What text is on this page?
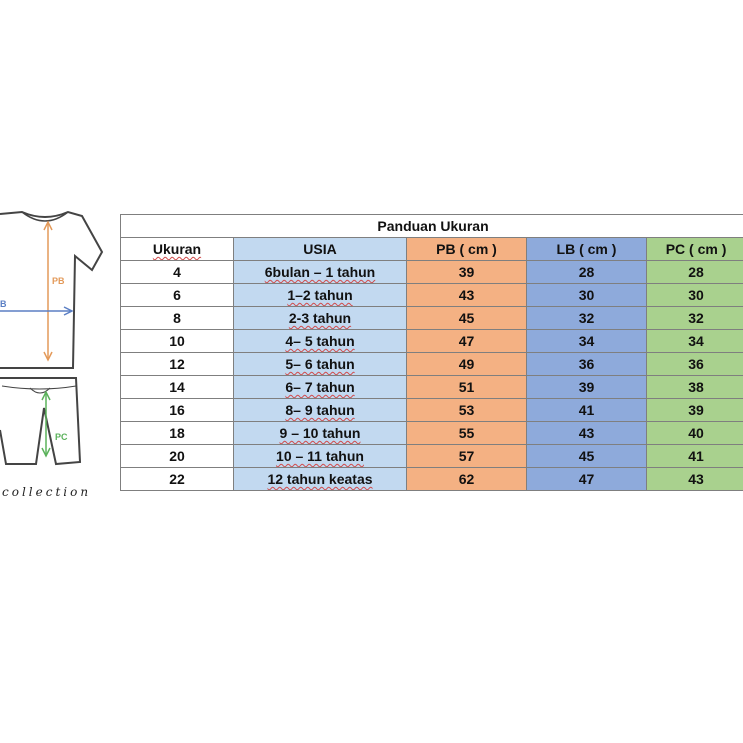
PB
B
PC
collection
Panduan Ukuran				
Ukuran	USIA	PB ( cm )	LB ( cm )	PC ( cm )
4	6bulan – 1 tahun	39	28	28
6	1–2 tahun	43	30	30
8	2-3 tahun	45	32	32
10	4– 5 tahun	47	34	34
12	5– 6 tahun	49	36	36
14	6– 7 tahun	51	39	38
16	8– 9 tahun	53	41	39
18	9 – 10 tahun	55	43	40
20	10 – 11 tahun	57	45	41
22	12 tahun keatas	62	47	43
